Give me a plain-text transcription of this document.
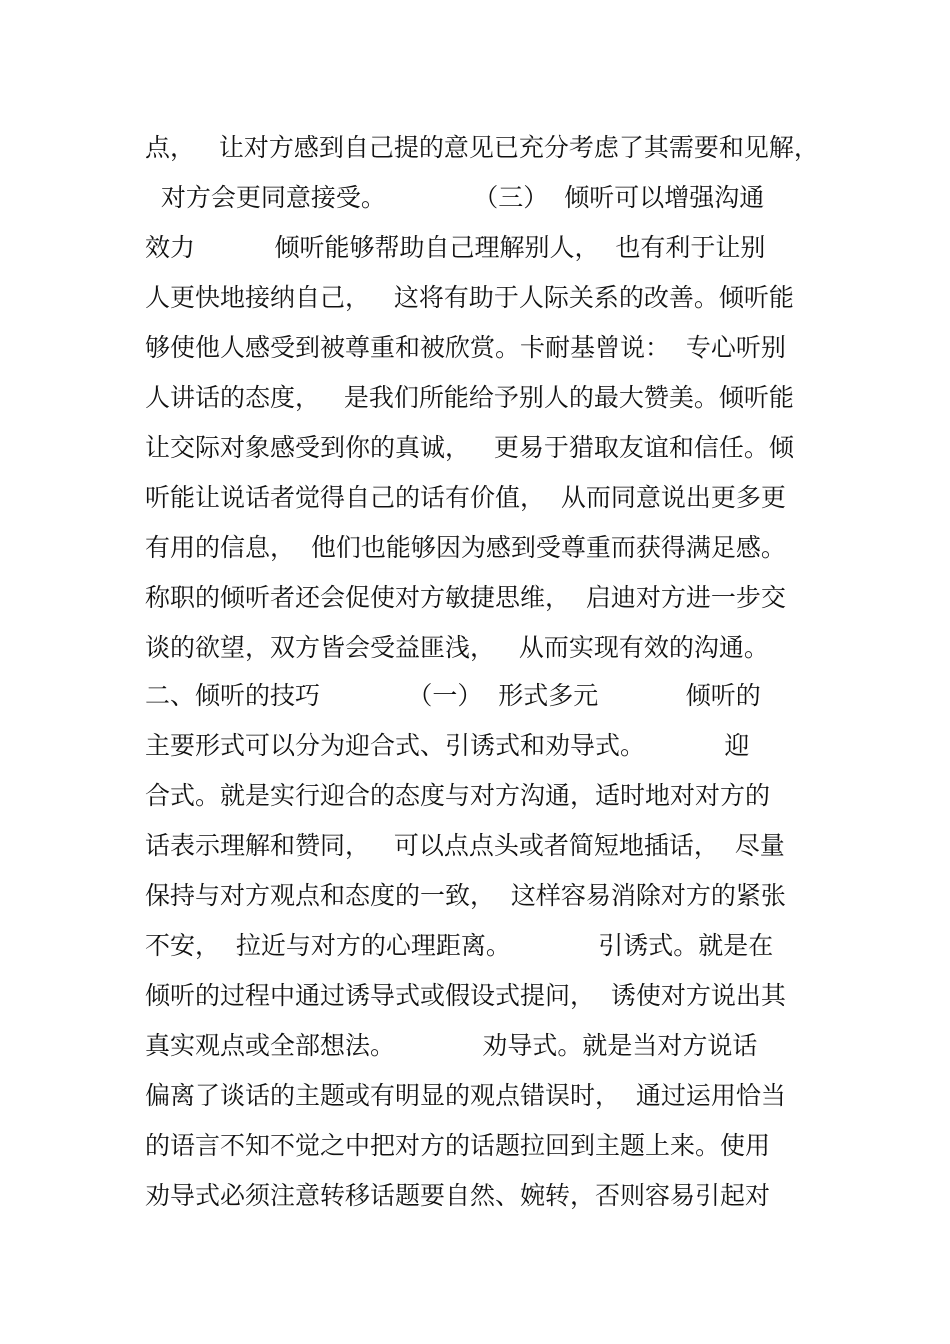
点，   让对方感到自己提的意见已充分考虑了其需要和见解，
对方会更同意接受。           （三）  倾听可以增强沟通
效力          倾听能够帮助自己理解别人，  也有利于让别
人更快地接纳自己，   这将有助于人际关系的改善。倾听能
够使他人感受到被尊重和被欣赏。卡耐基曾说：  专心听别
人讲话的态度，   是我们所能给予别人的最大赞美。倾听能
让交际对象感受到你的真诚，   更易于猎取友谊和信任。倾
听能让说话者觉得自己的话有价值，  从而同意说出更多更
有用的信息，  他们也能够因为感到受尊重而获得满足感。
称职的倾听者还会促使对方敏捷思维，  启迪对方进一步交
谈的欲望，双方皆会受益匪浅，   从而实现有效的沟通。
二、倾听的技巧           （一）  形式多元           倾听的
主要形式可以分为迎合式、引诱式和劝导式。          迎
合式。就是实行迎合的态度与对方沟通，适时地对对方的
话表示理解和赞同，   可以点点头或者简短地插话，  尽量
保持与对方观点和态度的一致，  这样容易消除对方的紧张
不安，  拉近与对方的心理距离。           引诱式。就是在
倾听的过程中通过诱导式或假设式提问，  诱使对方说出其
真实观点或全部想法。           劝导式。就是当对方说话
偏离了谈话的主题或有明显的观点错误时，  通过运用恰当
的语言不知不觉之中把对方的话题拉回到主题上来。使用
劝导式必须注意转移话题要自然、婉转，否则容易引起对
